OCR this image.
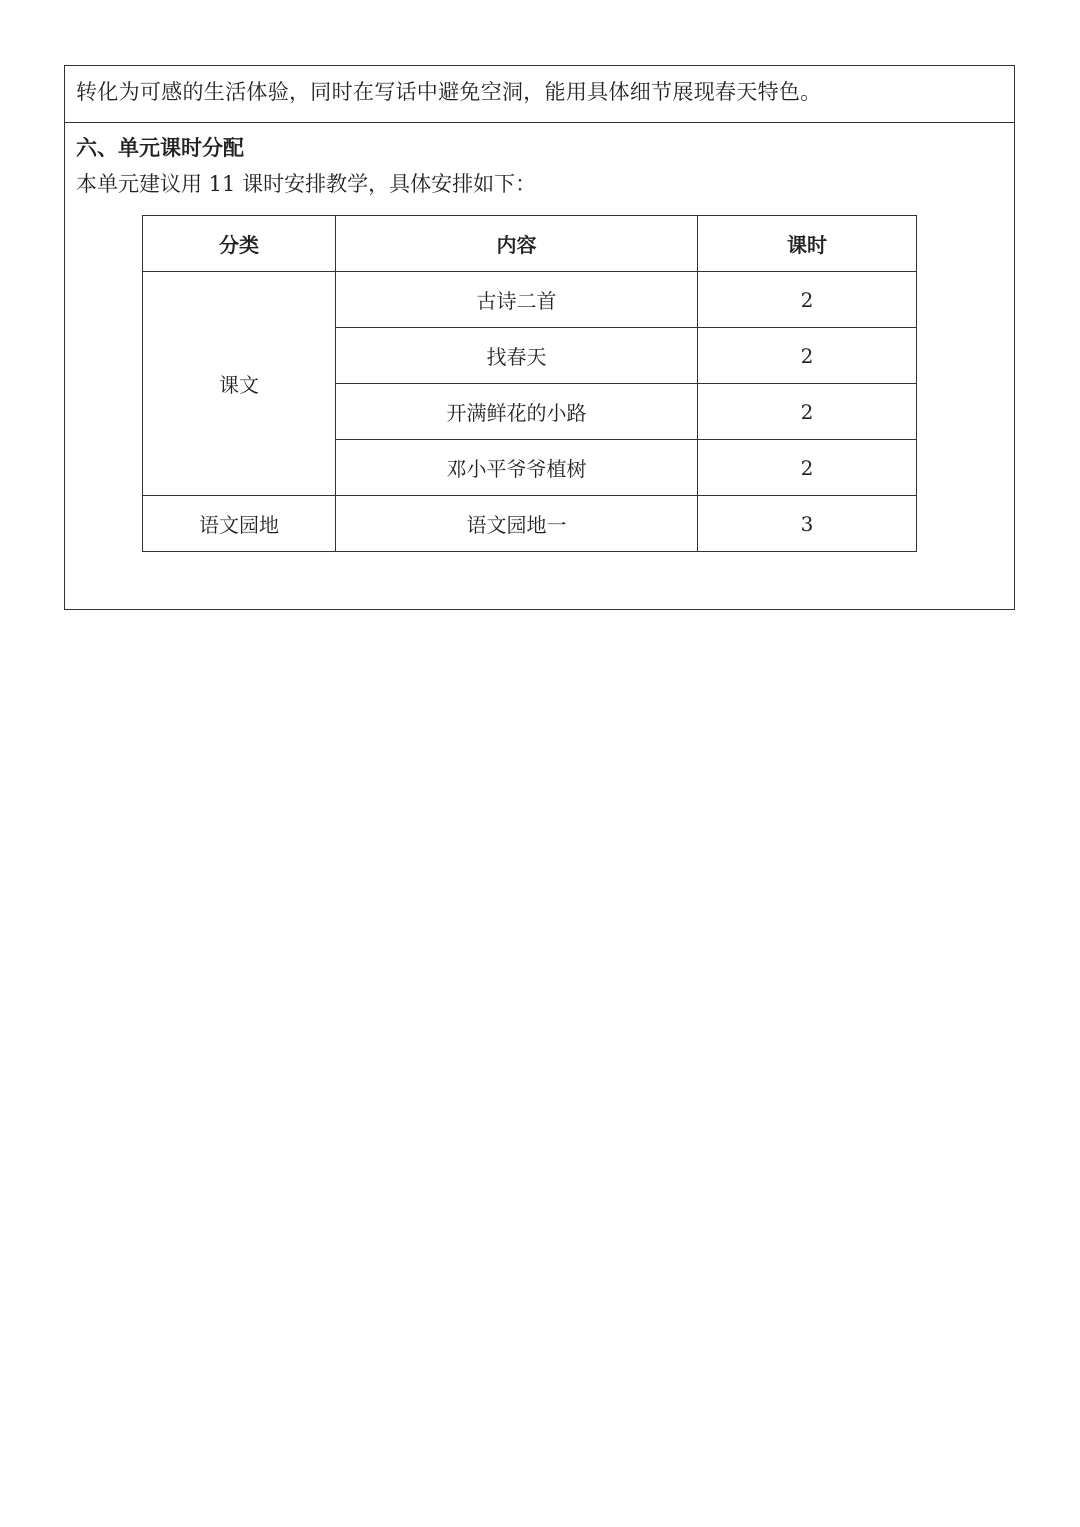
转化为可感的生活体验，同时在写话中避免空洞，能用具体细节展现春天特色。
六、单元课时分配
本单元建议用 11 课时安排教学，具体安排如下：
分类	内容	课时
课文	古诗二首	2
	找春天	2
	开满鲜花的小路	2
	邓小平爷爷植树	2
语文园地	语文园地一	3
